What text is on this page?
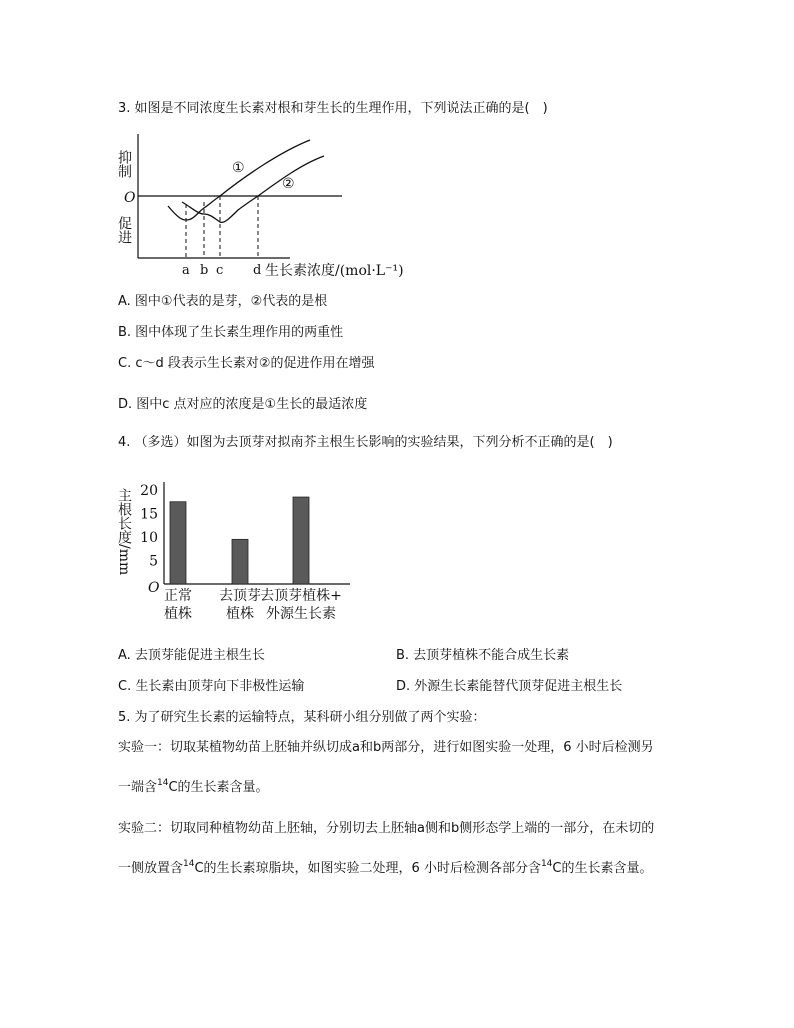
3. 如图是不同浓度生长素对根和芽生长的生理作用，下列说法正确的是(　)
抑制
促进
O
①
②
a b c d 生长素浓度/(mol·L⁻¹)
A. 图中①代表的是芽，②代表的是根
B. 图中体现了生长素生理作用的两重性
C. c～d 段表示生长素对②的促进作用在增强
D. 图中c 点对应的浓度是①生长的最适浓度
4. （多选）如图为去顶芽对拟南芥主根生长影响的实验结果，下列分析不正确的是(　)
主根长度/mm
O
20
15
10
5
正常
植株
去顶芽
植株
去顶芽植株+
外源生长素
A. 去顶芽能促进主根生长	B. 去顶芽植株不能合成生长素
C. 生长素由顶芽向下非极性运输	D. 外源生长素能替代顶芽促进主根生长
5. 为了研究生长素的运输特点，某科研小组分别做了两个实验：
实验一：切取某植物幼苗上胚轴并纵切成a和b两部分，进行如图实验一处理，6 小时后检测另
一端含$^{14}$C的生长素含量。
实验二：切取同种植物幼苗上胚轴，分别切去上胚轴a侧和b侧形态学上端的一部分，在未切的
一侧放置含$^{14}$C的生长素琼脂块，如图实验二处理，6 小时后检测各部分含$^{14}$C的生长素含量。
